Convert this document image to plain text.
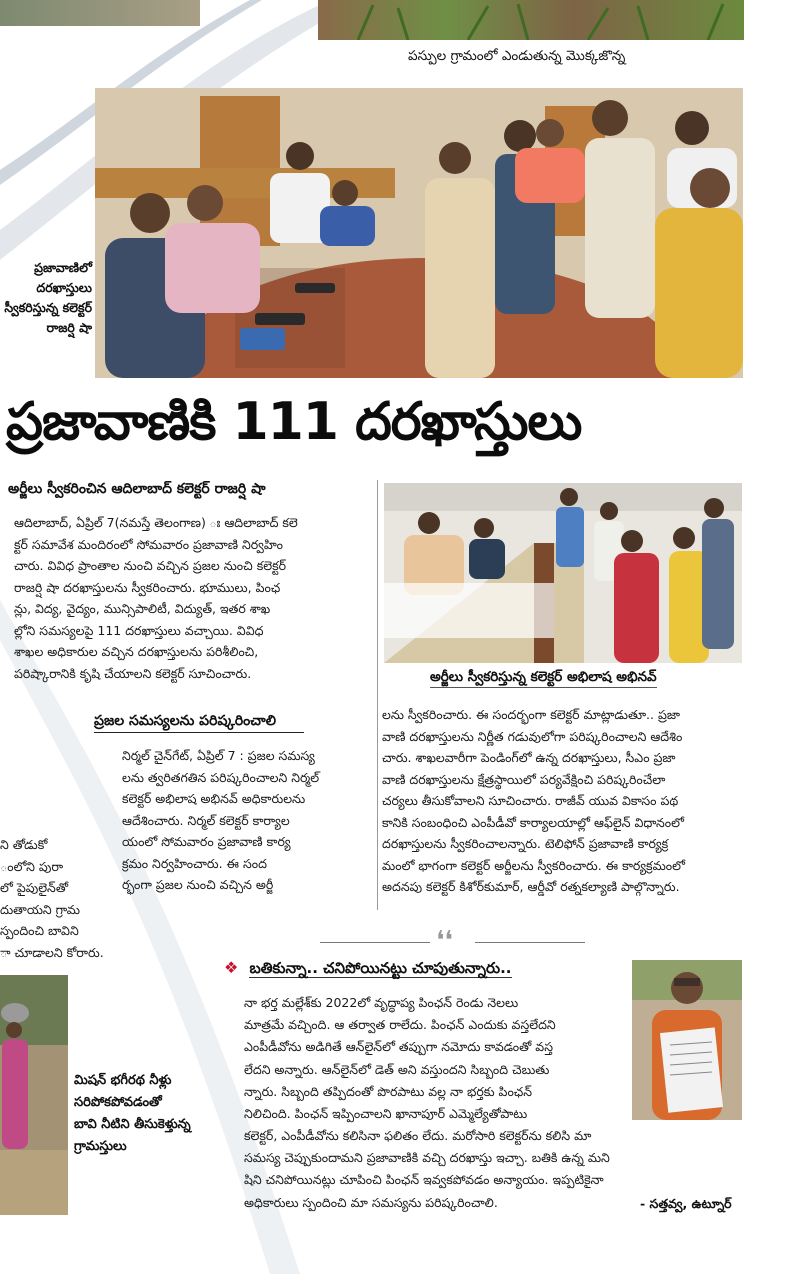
పస్పుల గ్రామంలో ఎండుతున్న మొక్కజొన్న
ప్రజావాణిలో
దరఖాస్తులు
స్వీకరిస్తున్న కలెక్టర్
రాజర్షి షా
ప్రజావాణికి 111 దరఖాస్తులు
అర్జీలు స్వీకరించిన ఆదిలాబాద్ కలెక్టర్ రాజర్షి షా

ఆదిలాబాద్, ఏప్రిల్ 7(నమస్తే తెలంగాణ) ః ఆదిలాబాద్ కలె

క్టర్ సమావేశ మందిరంలో సోమవారం ప్రజావాణి నిర్వహిం

చారు. వివిధ ప్రాంతాల నుంచి వచ్చిన ప్రజల నుంచి కలెక్టర్

రాజర్షి షా దరఖాస్తులను స్వీకరించారు. భూములు, పింఛ

న్లు, విద్య, వైద్యం, మున్సిపాలిటీ, విద్యుత్, ఇతర శాఖ

ల్లోని సమస్యలపై 111 దరఖాస్తులు వచ్చాయి. వివిధ

శాఖల అధికారుల వచ్చిన దరఖాస్తులను పరిశీలించి,

పరిష్కారానికి కృషి చేయాలని కలెక్టర్ సూచించారు.

ప్రజల సమస్యలను పరిష్కరించాలి

నిర్మల్ చైన్‌గేట్, ఏప్రిల్ 7 : ప్రజల సమస్య

లను త్వరితగతిన పరిష్కరించాలని నిర్మల్

కలెక్టర్ అభిలాష అభినవ్ అధికారులను

ఆదేశించారు. నిర్మల్ కలెక్టర్ కార్యాల

యంలో సోమవారం ప్రజావాణి కార్య

క్రమం నిర్వహించారు. ఈ సంద

ర్భంగా ప్రజల నుంచి వచ్చిన అర్జీ

అర్జీలు స్వీకరిస్తున్న కలెక్టర్ అభిలాష అభినవ్

లను స్వీకరించారు. ఈ సందర్భంగా కలెక్టర్ మాట్లాడుతూ.. ప్రజా

వాణి దరఖాస్తులను నిర్ణీత గడువులోగా పరిష్కరించాలని ఆదేశిం

చారు. శాఖలవారీగా పెండింగ్‌లో ఉన్న దరఖాస్తులు, సీఎం ప్రజా

వాణి దరఖాస్తులను క్షేత్రస్థాయిలో పర్యవేక్షించి పరిష్కరించేలా

చర్యలు తీసుకోవాలని సూచించారు. రాజీవ్ యువ వికాసం పథ

కానికి సంబంధించి ఎంపీడీవో కార్యాలయాల్లో ఆఫ్‌లైన్ విధానంలో

దరఖాస్తులను స్వీకరించాలన్నారు. టెలిఫోన్ ప్రజావాణి కార్యక్ర

మంలో భాగంగా కలెక్టర్ అర్జీలను స్వీకరించారు. ఈ కార్యక్రమంలో

అదనపు కలెక్టర్ కిశోర్‌కుమార్, ఆర్డీవో రత్నకల్యాణి పాల్గొన్నారు.

ని తోడుకో

ంలోని పురా

లో పైపులైన్‌తో

దుతాయని గ్రామ

స్పందించి బావిని

ా చూడాలని కోరారు.

మిషన్ భగీరథ నీళ్లు
సరిపోకపోవడంతో
బావి నీటిని తీసుకెళ్తున్న
గ్రామస్తులు
❛❛
❖ బతికున్నా.. చనిపోయినట్టు చూపుతున్నారు..

నా భర్త మల్లేశ్‌కు 2022లో వృద్ధాప్య పింఛన్ రెండు నెలలు

మాత్రమే వచ్చింది. ఆ తర్వాత రాలేదు. పింఛన్ ఎందుకు వస్తలేదని

ఎంపీడీవోను అడిగితే ఆన్‌లైన్‌లో తప్పుగా నమోదు కావడంతో వస్త

లేదని అన్నారు. ఆన్‌లైన్‌లో డెత్ అని వస్తుందని సిబ్బంది చెబుతు

న్నారు. సిబ్బంది తప్పిదంతో పొరపాటు వల్ల నా భర్తకు పింఛన్

నిలిచింది. పింఛన్ ఇప్పించాలని ఖానాపూర్ ఎమ్మెల్యేతోపాటు

కలెక్టర్, ఎంపీడీవోను కలిసినా ఫలితం లేదు. మరోసారి కలెక్టర్‌ను కలిసి మా

సమస్య చెప్పుకుందామని ప్రజావాణికి వచ్చి దరఖాస్తు ఇచ్చా. బతికి ఉన్న మని

షిని చనిపోయినట్లు చూపించి పింఛన్ ఇవ్వకపోవడం అన్యాయం. ఇప్పటికైనా

అధికారులు స్పందించి మా సమస్యను పరిష్కరించాలి.	- సత్తవ్వ, ఉట్నూర్
